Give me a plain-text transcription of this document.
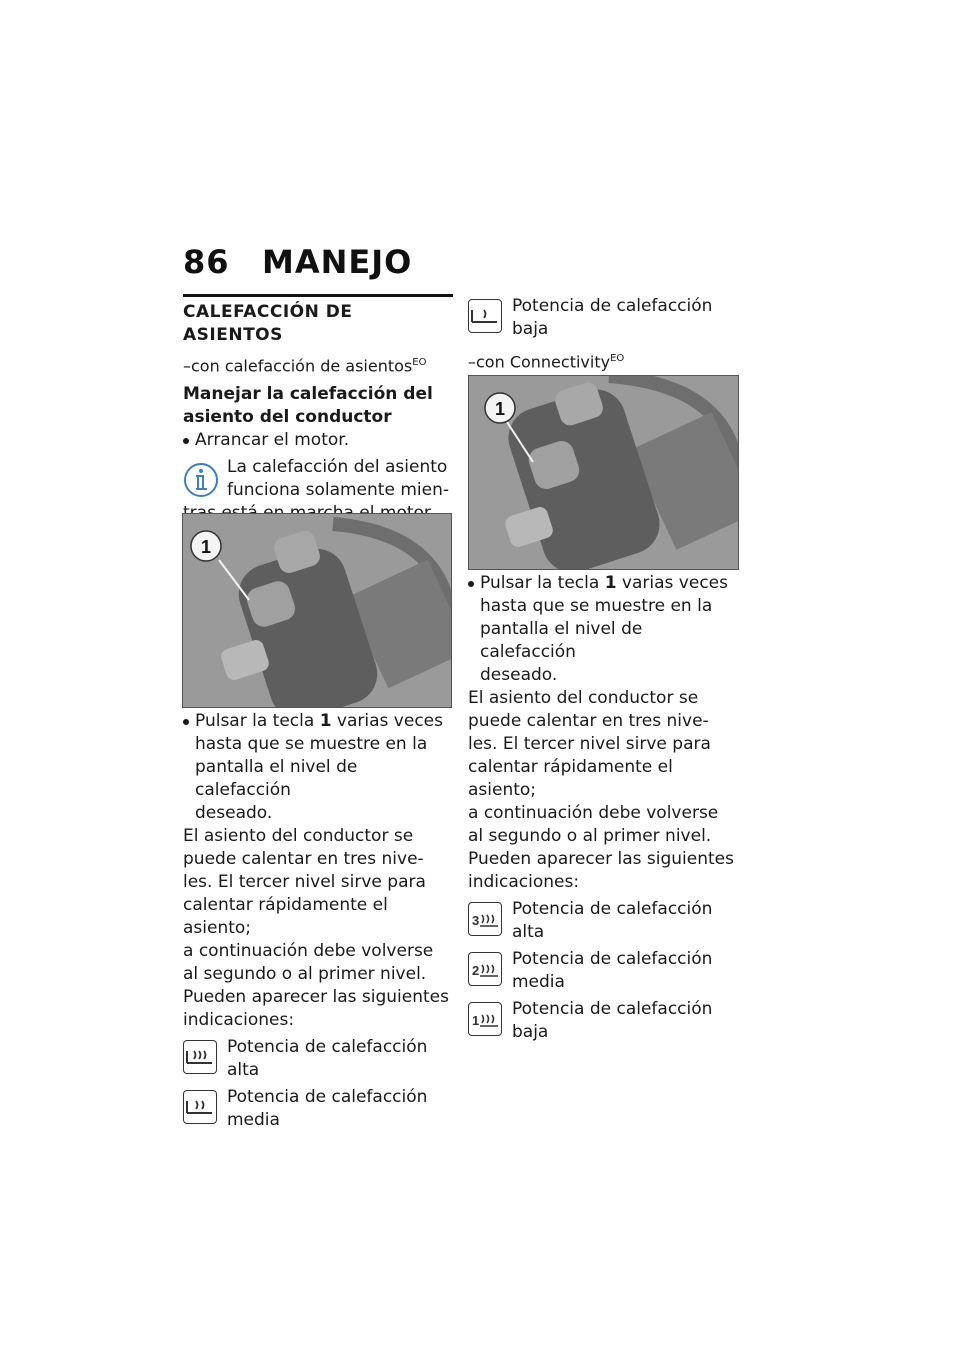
86 MANEJO
CALEFACCIÓN DE ASIENTOS
–con calefacción de asientos$^{EO}$
Manejar la calefacción del
asiento del conductor
Arrancar el motor.
La calefacción del asiento
funciona solamente mien-
1
Pulsar la tecla 1 varias veces
hasta que se muestre en la
pantalla el nivel de calefacción
deseado.
El asiento del conductor se
puede calentar en tres nive-
les. El tercer nivel sirve para
calentar rápidamente el asiento;
a continuación debe volverse
al segundo o al primer nivel.
Pueden aparecer las siguientes
indicaciones:
Potencia de calefacción
alta
Potencia de calefacción
media
Potencia de calefacción
baja
–con Connectivity$^{EO}$
1
Pulsar la tecla 1 varias veces
hasta que se muestre en la
pantalla el nivel de calefacción
deseado.
El asiento del conductor se
puede calentar en tres nive-
les. El tercer nivel sirve para
calentar rápidamente el asiento;
a continuación debe volverse
al segundo o al primer nivel.
Pueden aparecer las siguientes
indicaciones:
3
Potencia de calefacción
alta
2
Potencia de calefacción
media
1
Potencia de calefacción
baja
